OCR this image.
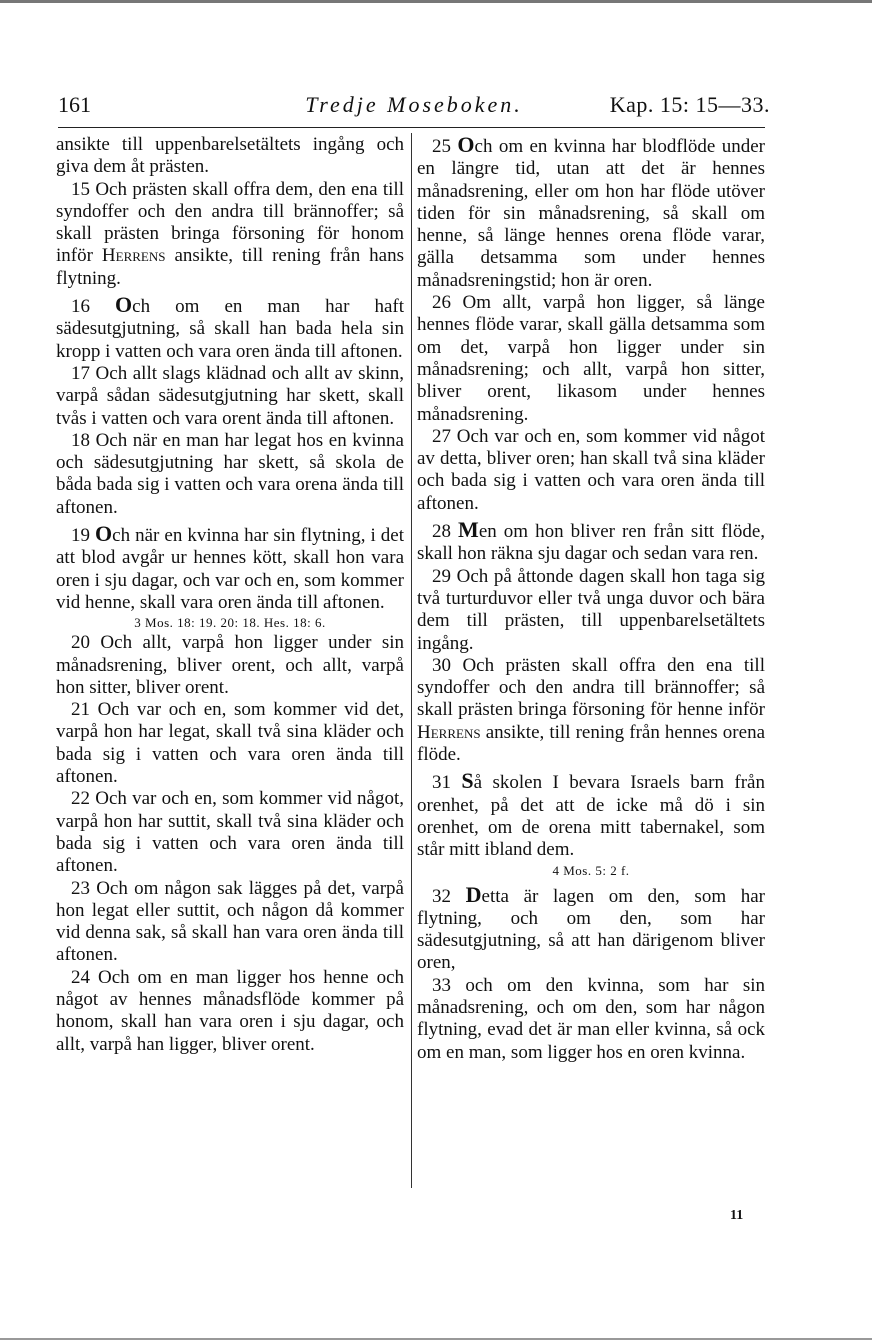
161	Tredje Moseboken.	Kap. 15: 15—33.

ansikte till uppenbarelsetältets ingång och giva dem åt prästen.

15 Och prästen skall offra dem, den ena till syndoffer och den andra till brännoffer; så skall prästen bringa försoning för honom inför Herrens ansikte, till rening från hans flytning.

16 Och om en man har haft sädesutgjutning, så skall han bada hela sin kropp i vatten och vara oren ända till aftonen.

17 Och allt slags klädnad och allt av skinn, varpå sådan sädesutgjutning har skett, skall tvås i vatten och vara orent ända till aftonen.

18 Och när en man har legat hos en kvinna och sädesutgjutning har skett, så skola de båda bada sig i vatten och vara orena ända till aftonen.

19 Och när en kvinna har sin flytning, i det att blod avgår ur hennes kött, skall hon vara oren i sju dagar, och var och en, som kommer vid henne, skall vara oren ända till aftonen.

3 Mos. 18: 19. 20: 18. Hes. 18: 6.

20 Och allt, varpå hon ligger under sin månadsrening, bliver orent, och allt, varpå hon sitter, bliver orent.

21 Och var och en, som kommer vid det, varpå hon har legat, skall två sina kläder och bada sig i vatten och vara oren ända till aftonen.

22 Och var och en, som kommer vid något, varpå hon har suttit, skall två sina kläder och bada sig i vatten och vara oren ända till aftonen.

23 Och om någon sak lägges på det, varpå hon legat eller suttit, och någon då kommer vid denna sak, så skall han vara oren ända till aftonen.

24 Och om en man ligger hos henne och något av hennes månadsflöde kommer på honom, skall han vara oren i sju dagar, och allt, varpå han ligger, bliver orent.

25 Och om en kvinna har blodflöde under en längre tid, utan att det är hennes månadsrening, eller om hon har flöde utöver tiden för sin månadsrening, så skall om henne, så länge hennes orena flöde varar, gälla detsamma som under hennes månadsreningstid; hon är oren.

26 Om allt, varpå hon ligger, så länge hennes flöde varar, skall gälla detsamma som om det, varpå hon ligger under sin månadsrening; och allt, varpå hon sitter, bliver orent, likasom under hennes månadsrening.

27 Och var och en, som kommer vid något av detta, bliver oren; han skall två sina kläder och bada sig i vatten och vara oren ända till aftonen.

28 Men om hon bliver ren från sitt flöde, skall hon räkna sju dagar och sedan vara ren.

29 Och på åttonde dagen skall hon taga sig två turturduvor eller två unga duvor och bära dem till prästen, till uppenbarelsetältets ingång.

30 Och prästen skall offra den ena till syndoffer och den andra till brännoffer; så skall prästen bringa försoning för henne inför Herrens ansikte, till rening från hennes orena flöde.

31 Så skolen I bevara Israels barn från orenhet, på det att de icke må dö i sin orenhet, om de orena mitt tabernakel, som står mitt ibland dem.

4 Mos. 5: 2 f.

32 Detta är lagen om den, som har flytning, och om den, som har sädesutgjutning, så att han därigenom bliver oren,

33 och om den kvinna, som har sin månadsrening, och om den, som har någon flytning, evad det är man eller kvinna, så ock om en man, som ligger hos en oren kvinna.

11
